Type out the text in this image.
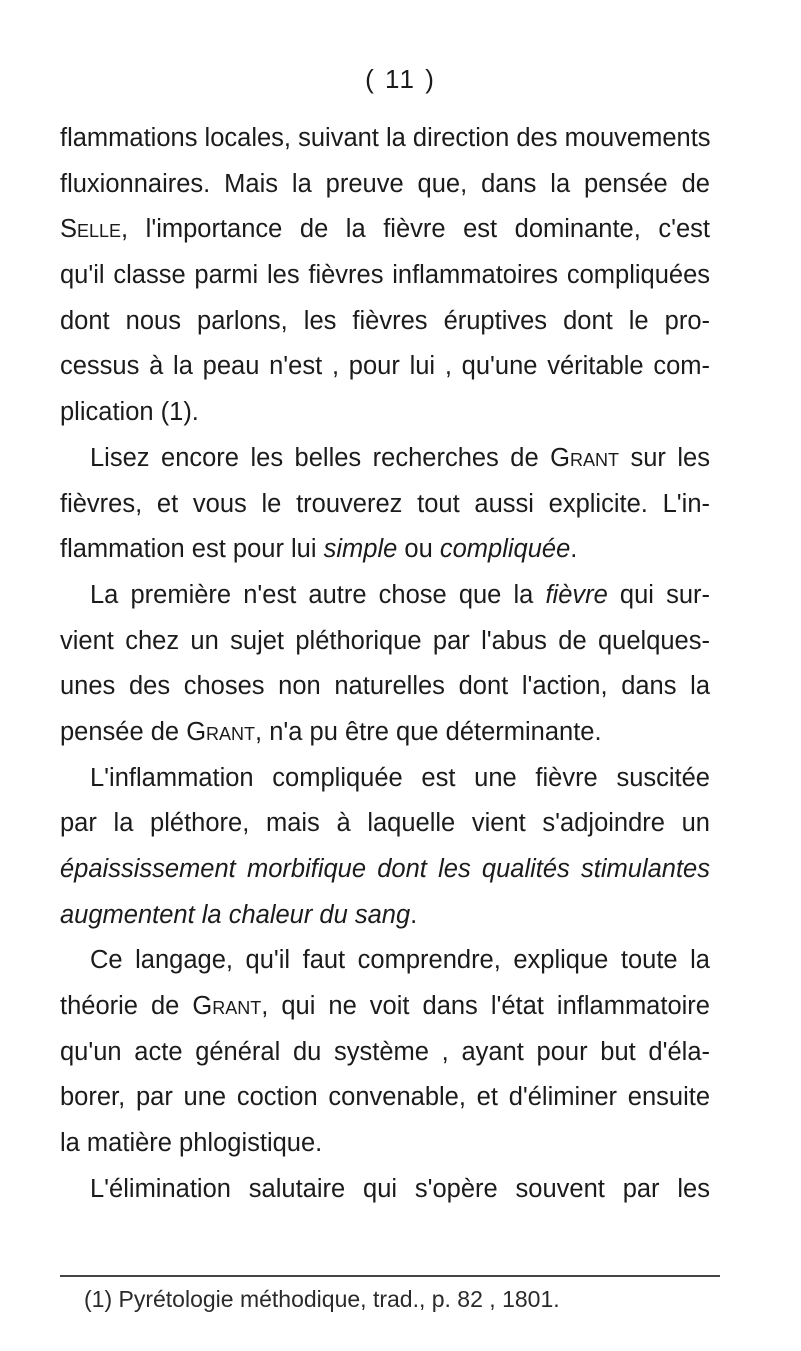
( 11 )
flammations locales, suivant la direction des mouvements
fluxionnaires. Mais la preuve que, dans la pensée de
Selle, l'importance de la fièvre est dominante, c'est
qu'il classe parmi les fièvres inflammatoires compliquées
dont nous parlons, les fièvres éruptives dont le pro-
cessus à la peau n'est , pour lui , qu'une véritable com-
plication (1).
Lisez encore les belles recherches de Grant sur les
fièvres, et vous le trouverez tout aussi explicite. L'in-
flammation est pour lui simple ou compliquée.
La première n'est autre chose que la fièvre qui sur-
vient chez un sujet pléthorique par l'abus de quelques-
unes des choses non naturelles dont l'action, dans la
pensée de Grant, n'a pu être que déterminante.
L'inflammation compliquée est une fièvre suscitée
par la pléthore, mais à laquelle vient s'adjoindre un
épaississement morbifique dont les qualités stimulantes
augmentent la chaleur du sang.
Ce langage, qu'il faut comprendre, explique toute la
théorie de Grant, qui ne voit dans l'état inflammatoire
qu'un acte général du système , ayant pour but d'éla-
borer, par une coction convenable, et d'éliminer ensuite
la matière phlogistique.
L'élimination salutaire qui s'opère souvent par les
(1) Pyrétologie méthodique, trad., p. 82 , 1801.
